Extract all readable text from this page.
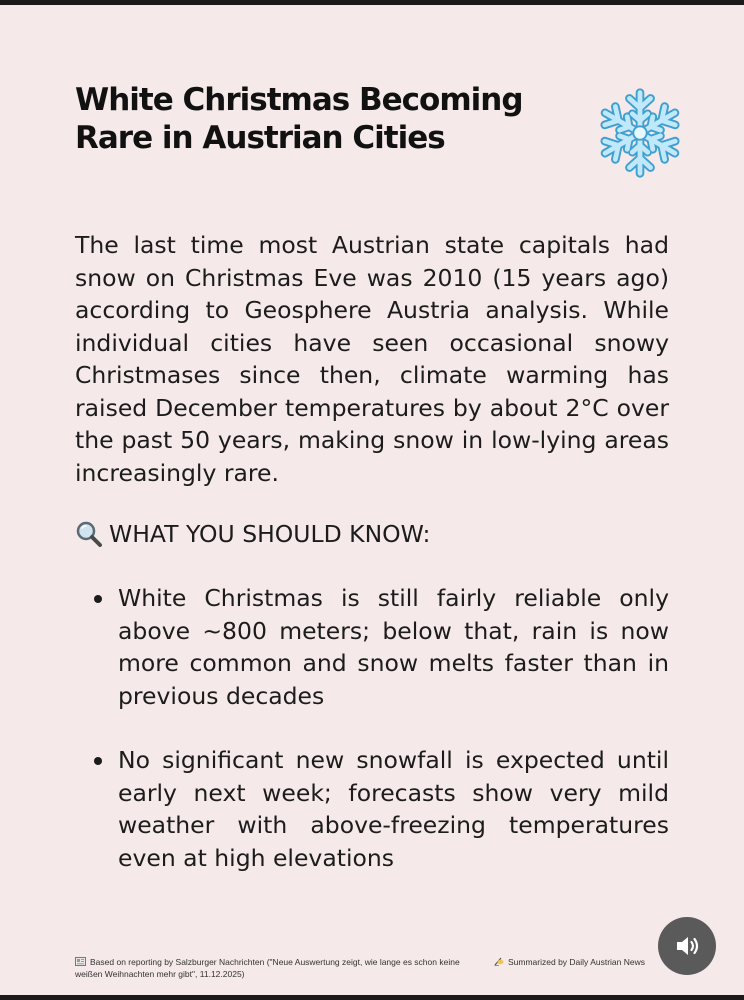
White Christmas Becoming Rare in Austrian Cities

The last time most Austrian state capitals had snow on Christmas Eve was 2010 (15 years ago) according to Geosphere Austria analysis. While individual cities have seen occasional snowy Christmases since then, climate warming has raised December temperatures by about 2°C over the past 50 years, making snow in low-lying areas increasingly rare.

WHAT YOU SHOULD KNOW:
White Christmas is still fairly reliable only above ~800 meters; below that, rain is now more common and snow melts faster than in previous decades
No significant new snowfall is expected until early next week; forecasts show very mild weather with above-freezing temperatures even at high elevations
Based on reporting by Salzburger Nachrichten ("Neue Auswertung zeigt, wie lange es schon keine weißen Weihnachten mehr gibt", 11.12.2025)
Summarized by Daily Austrian News
